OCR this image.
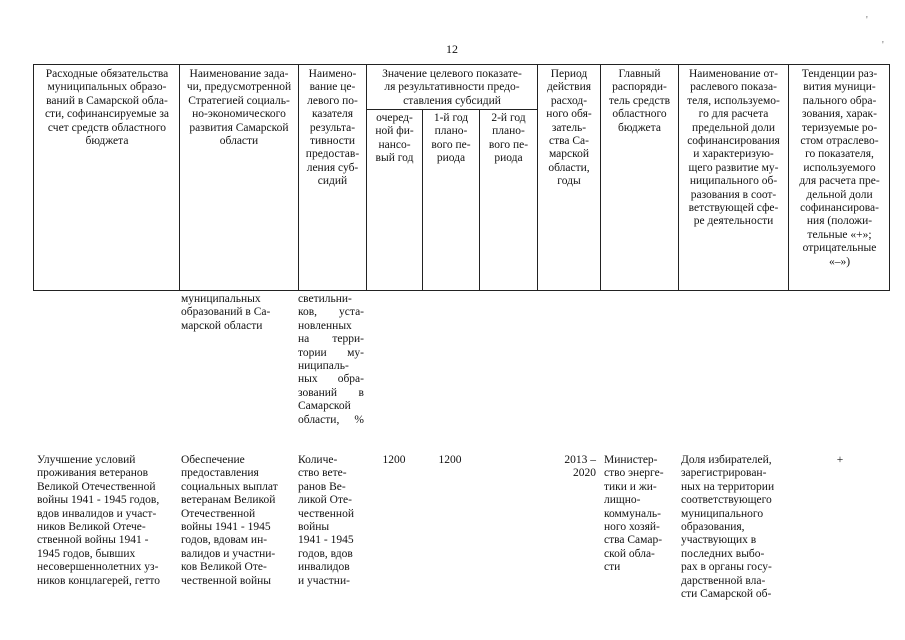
12
'
'
Расходные обязательства
муниципальных образо-
ваний в Самарской обла-
сти, софинансируемые за
счет средств областного
бюджета
Наименование зада-
чи, предусмотренной
Стратегией социаль-
но-экономического
развития Самарской
области
Наимено-
вание це-
левого по-
казателя
результа-
тивности
предостав-
ления суб-
сидий
Значение целевого показате-
ля результативности предо-
ставления субсидий
очеред-
ной фи-
нансо-
вый год
1-й год
плано-
вого пе-
риода
2-й год
плано-
вого пе-
риода
Период
действия
расход-
ного обя-
затель-
ства Са-
марской
области,
годы
Главный
распоряди-
тель средств
областного
бюджета
Наименование от-
раслевого показа-
теля, используемо-
го для расчета
предельной доли
софинансирования
и характеризую-
щего развитие му-
ниципального об-
разования в соот-
ветствующей сфе-
ре деятельности
Тенденции раз-
вития муници-
пального обра-
зования, харак-
теризуемые ро-
стом отраслево-
го показателя,
используемого
для расчета пре-
дельной доли
софинансирова-
ния (положи-
тельные «+»;
отрицательные
«–»)
муниципальных
образований в Са-
марской области
светильни-
ков, уста-
новленных
на терри-
тории му-
ниципаль-
ных обра-
зований в
Самарской
области, %
Улучшение условий
проживания ветеранов
Великой Отечественной
войны 1941 - 1945 годов,
вдов инвалидов и участ-
ников Великой Отече-
ственной войны 1941 -
1945 годов, бывших
несовершеннолетних уз-
ников концлагерей, гетто
Обеспечение
предоставления
социальных выплат
ветеранам Великой
Отечественной
войны 1941 - 1945
годов, вдовам ин-
валидов и участни-
ков Великой Оте-
чественной войны
Количе-
ство вете-
ранов Ве-
ликой Оте-
чественной
войны
1941 - 1945
годов, вдов
инвалидов
и участни-
1200	1200	2013 –
2020
Министер-
ство энерге-
тики и жи-
лищно-
коммуналь-
ного хозяй-
ства Самар-
ской обла-
сти
Доля избирателей,
зарегистрирован-
ных на территории
соответствующего
муниципального
образования,
участвующих в
последних выбо-
рах в органы госу-
дарственной вла-
сти Самарской об-
+
